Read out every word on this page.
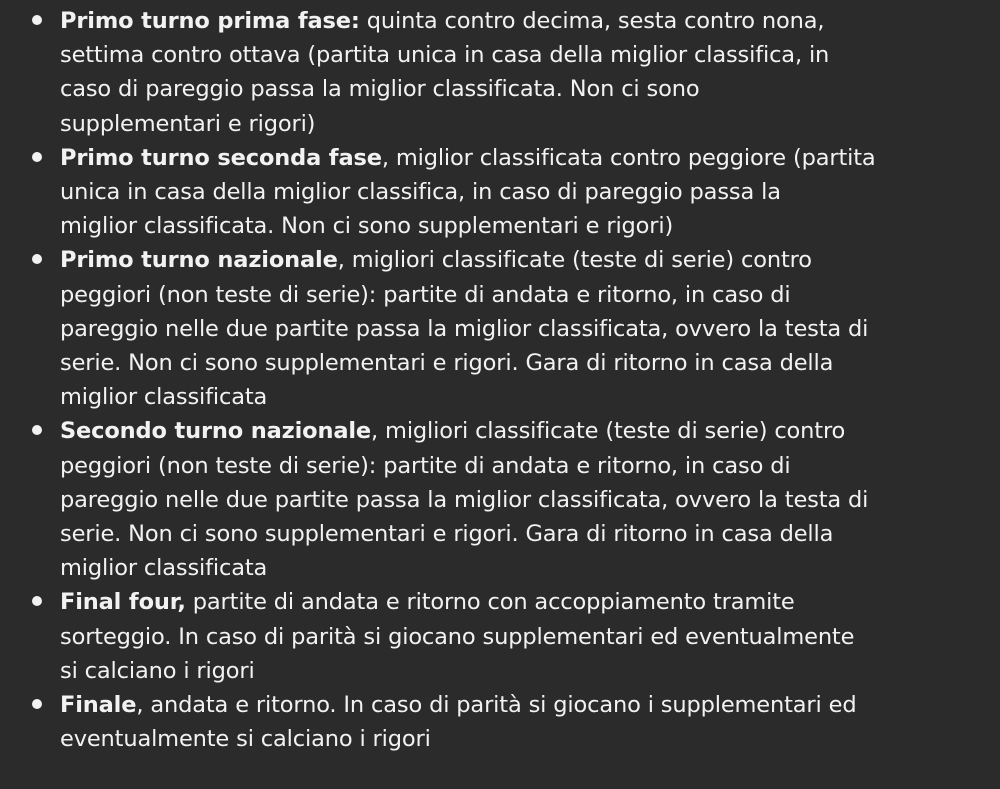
Primo turno prima fase: quinta contro decima, sesta contro nona,
settima contro ottava (partita unica in casa della miglior classifica, in
caso di pareggio passa la miglior classificata. Non ci sono
supplementari e rigori)
Primo turno seconda fase, miglior classificata contro peggiore (partita
unica in casa della miglior classifica, in caso di pareggio passa la
miglior classificata. Non ci sono supplementari e rigori)
Primo turno nazionale, migliori classificate (teste di serie) contro
peggiori (non teste di serie): partite di andata e ritorno, in caso di
pareggio nelle due partite passa la miglior classificata, ovvero la testa di
serie. Non ci sono supplementari e rigori. Gara di ritorno in casa della
miglior classificata
Secondo turno nazionale, migliori classificate (teste di serie) contro
peggiori (non teste di serie): partite di andata e ritorno, in caso di
pareggio nelle due partite passa la miglior classificata, ovvero la testa di
serie. Non ci sono supplementari e rigori. Gara di ritorno in casa della
miglior classificata
Final four, partite di andata e ritorno con accoppiamento tramite
sorteggio. In caso di parità si giocano supplementari ed eventualmente
si calciano i rigori
Finale, andata e ritorno. In caso di parità si giocano i supplementari ed
eventualmente si calciano i rigori
